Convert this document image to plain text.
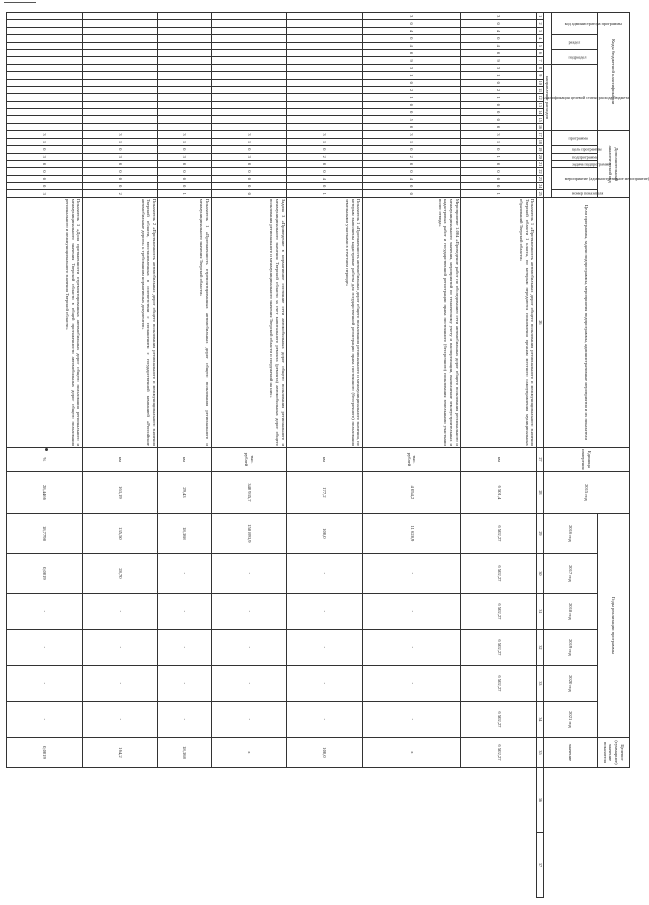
Коды бюджетной классификации																Дополнительный аналитический код									Цели программы, задачи подпрограммы, мероприятия подпрограммы, административные мероприятия и их показатели	Единица измерения	2015 год	Годы реализации программы						Целевое (суммарное) значение показателя		

код администратора программы			раздел		подраздел		классификация целевой статьи расхода бюджета									программа		цель программы	подпрограмма	задача подпрограммы	мероприятие (административное мероприятие)			номер показателя				2016 год	2017 год	2018 год	2019 год	2020 год	2021 год	значение		
							направление расходов																													
1	2	3	4	5	6	7	8	9	10	11	12	13	14	15	16	17	18	19	20	21	22	23	24	25	26	27	28	29	30	31	32	33	34	35	36	37
3	0	4	0	4	0	9	3	1	0	2	1	0	0	0	0	3	1	0	1	0	0	0	0	1	Показатель 1 «Протяженность автомобильных дорог общего пользования регионального и межмуниципального значения Тверской области 1 класса, по которым передаются полномочия органам местного самоуправления муниципальных образований Тверской области»	км	6 501,4	6 502,27	6 502,27	6 502,27	6 502,27	6 502,27	6 502,27	6 502,27		
3	0	4	0	4	0	9	3	1	0	2	1	0	0	5	0	3	1	0	2	0	0	4	0	0	Мероприятие 1.004 «Проведение работ по обследованию сети автомобильных дорог общего пользования регионального и межмуниципального значения, мероприятий по техническому учету и паспортизации, выполнение землеустроительных и кадастровых работ и государственной регистрации права постоянного (бессрочного) пользования земельными участками полос отвода»	тыс. рублей	4 054,2	11 628,9	-	-	-	-	-	х		
																3	1	0	2	0	0	4	0	1	Показатель 1 «Протяженность автомобильных дорог общего пользования регионального и межмуниципального значения, по которым выполнены кадастровые работы для государственной регистрации права постоянного (бессрочного) пользования земельными участками в отчетном периоде»	км	177,2	100,0	-	-	-	-	-	100,0		
																3	1	0	3	0	0	0	0	0	Задача 3 «Приведение в нормативное состояние сети автомобильных дорог общего пользования регионального и межмуниципального значения Тверской области за счет капитального ремонта (ремонта) автомобильных дорог общего пользования регионального и межмуниципального значения Тверской области и сооружений на них»	тыс. рублей	340 935,7	158 893,9	-	-	-	-	-	х		
																3	1	0	3	0	0	0	0	1	Показатель 1 «Протяженность отремонтированных автомобильных дорог общего пользования регионального и межмуниципального значения Тверской области»	км	29,43	18,368	-	-	-	-	-	18,368		
																3	1	0	3	0	0	0	0	2	Показатель 2 «Протяженность автомобильных дорог общего пользования регионального и межмуниципального значения Тверской области, восстановленных в соответствии с соглашением с государственной компанией «Российские автомобильные дороги» к требованиям нормативных документов»	км	163,19	135,50	28,70	-	-	-	-	164,2		
																3	1	0	3	0	0	0	0	3	Показатель 3 «Доля протяженности отремонтированных автомобильных дорог общего пользования регионального и межмуниципального значения Тверской области в общей протяженности автомобильных дорог общего пользования регионального и межмуниципального значения Тверской области»	%	28,4466	18,7798	0,0019	-	-	-	-	0,0019		
